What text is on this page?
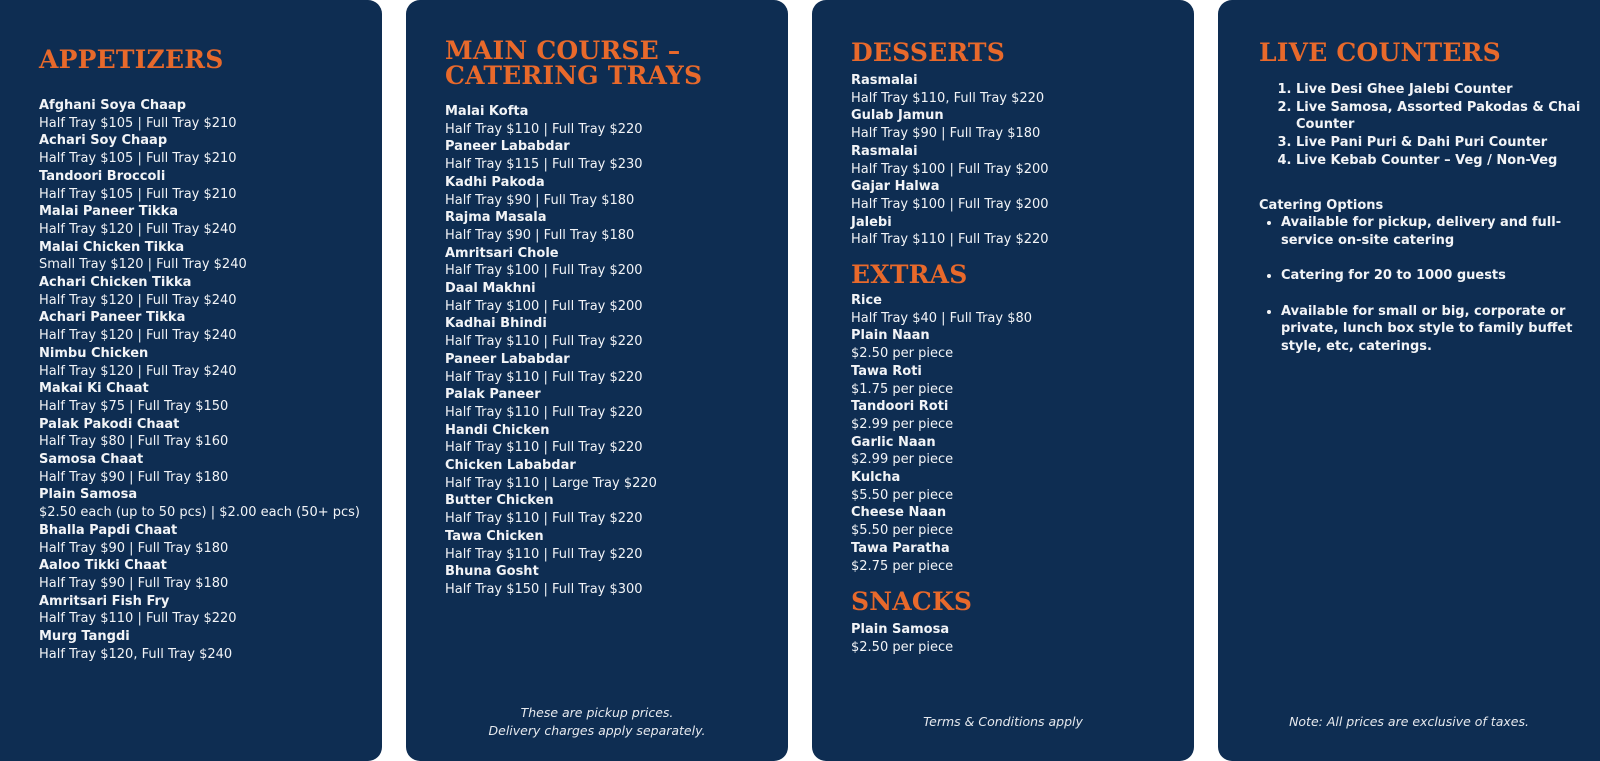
APPETIZERS
Afghani Soya Chaap
Half Tray $105 | Full Tray $210
Achari Soy Chaap
Half Tray $105 | Full Tray $210
Tandoori Broccoli
Half Tray $105 | Full Tray $210
Malai Paneer Tikka
Half Tray $120 | Full Tray $240
Malai Chicken Tikka
Small Tray $120 | Full Tray $240
Achari Chicken Tikka
Half Tray $120 | Full Tray $240
Achari Paneer Tikka
Half Tray $120 | Full Tray $240
Nimbu Chicken
Half Tray $120 | Full Tray $240
Makai Ki Chaat
Half Tray $75 | Full Tray $150
Palak Pakodi Chaat
Half Tray $80 | Full Tray $160
Samosa Chaat
Half Tray $90 | Full Tray $180
Plain Samosa
$2.50 each (up to 50 pcs) | $2.00 each (50+ pcs)
Bhalla Papdi Chaat
Half Tray $90 | Full Tray $180
Aaloo Tikki Chaat
Half Tray $90 | Full Tray $180
Amritsari Fish Fry
Half Tray $110 | Full Tray $220
Murg Tangdi
Half Tray $120, Full Tray $240
MAIN COURSE –
CATERING TRAYS
Malai Kofta
Half Tray $110 | Full Tray $220
Paneer Lababdar
Half Tray $115 | Full Tray $230
Kadhi Pakoda
Half Tray $90 | Full Tray $180
Rajma Masala
Half Tray $90 | Full Tray $180
Amritsari Chole
Half Tray $100 | Full Tray $200
Daal Makhni
Half Tray $100 | Full Tray $200
Kadhai Bhindi
Half Tray $110 | Full Tray $220
Paneer Lababdar
Half Tray $110 | Full Tray $220
Palak Paneer
Half Tray $110 | Full Tray $220
Handi Chicken
Half Tray $110 | Full Tray $220
Chicken Lababdar
Half Tray $110 | Large Tray $220
Butter Chicken
Half Tray $110 | Full Tray $220
Tawa Chicken
Half Tray $110 | Full Tray $220
Bhuna Gosht
Half Tray $150 | Full Tray $300
These are pickup prices.
Delivery charges apply separately.
DESSERTS
Rasmalai
Half Tray $110, Full Tray $220
Gulab Jamun
Half Tray $90 | Full Tray $180
Rasmalai
Half Tray $100 | Full Tray $200
Gajar Halwa
Half Tray $100 | Full Tray $200
Jalebi
Half Tray $110 | Full Tray $220
EXTRAS
Rice
Half Tray $40 | Full Tray $80
Plain Naan
$2.50 per piece
Tawa Roti
$1.75 per piece
Tandoori Roti
$2.99 per piece
Garlic Naan
$2.99 per piece
Kulcha
$5.50 per piece
Cheese Naan
$5.50 per piece
Tawa Paratha
$2.75 per piece
SNACKS
Plain Samosa
$2.50 per piece
Terms & Conditions apply
LIVE COUNTERS
1. Live Desi Ghee Jalebi Counter
2. Live Samosa, Assorted Pakodas & Chai Counter
3. Live Pani Puri & Dahi Puri Counter
4. Live Kebab Counter – Veg / Non-Veg
Catering Options
• Available for pickup, delivery and full-service on-site catering
• Catering for 20 to 1000 guests
• Available for small or big, corporate or private, lunch box style to family buffet style, etc, caterings.
Note: All prices are exclusive of taxes.
